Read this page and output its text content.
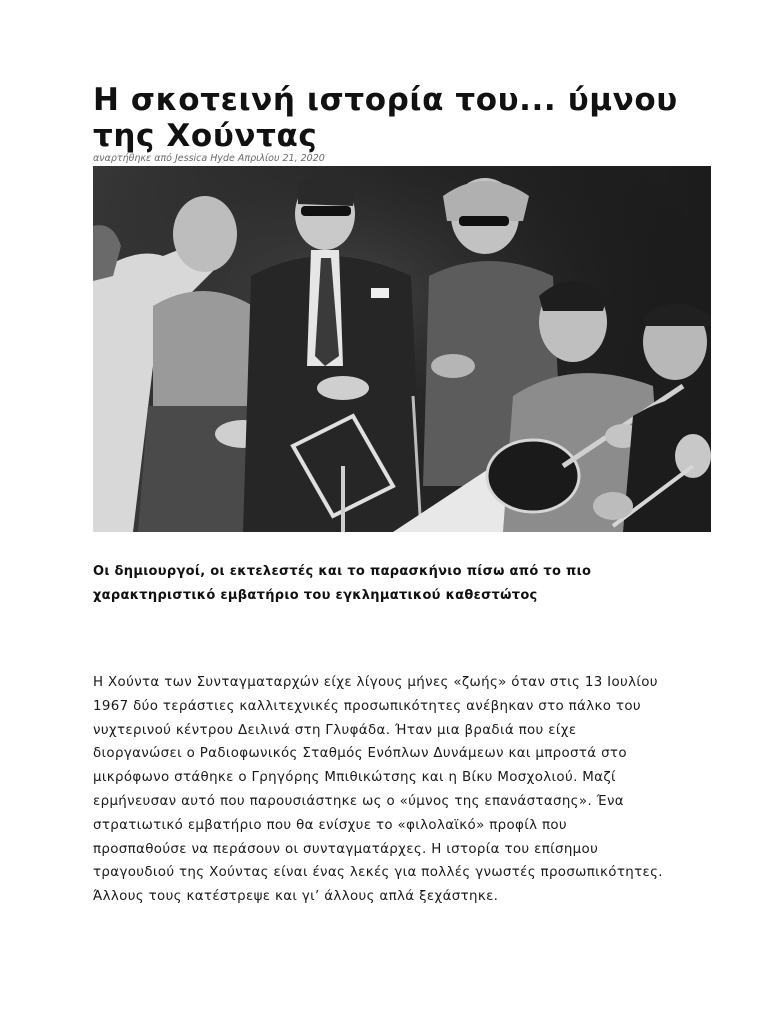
Η σκοτεινή ιστορία του... ύμνου της Χούντας
αναρτήθηκε από Jessica Hyde Απριλίου 21, 2020

Οι δημιουργοί, οι εκτελεστές και το παρασκήνιο πίσω από το πιο χαρακτηριστικό εμβατήριο του εγκληματικού καθεστώτος

Η Χούντα των Συνταγματαρχών είχε λίγους μήνες «ζωής» όταν στις 13 Ιουλίου
1967 δύο τεράστιες καλλιτεχνικές προσωπικότητες ανέβηκαν στο πάλκο του
νυχτερινού κέντρου Δειλινά στη Γλυφάδα. Ήταν μια βραδιά που είχε
διοργανώσει ο Ραδιοφωνικός Σταθμός Ενόπλων Δυνάμεων και μπροστά στο
μικρόφωνο στάθηκε ο Γρηγόρης Μπιθικώτσης και η Βίκυ Μοσχολιού. Μαζί
ερμήνευσαν αυτό που παρουσιάστηκε ως ο «ύμνος της επανάστασης». Ένα
στρατιωτικό εμβατήριο που θα ενίσχυε το «φιλολαϊκό» προφίλ που
προσπαθούσε να περάσουν οι συνταγματάρχες. Η ιστορία του επίσημου
τραγουδιού της Χούντας είναι ένας λεκές για πολλές γνωστές προσωπικότητες.
Άλλους τους κατέστρεψε και γι’ άλλους απλά ξεχάστηκε.
